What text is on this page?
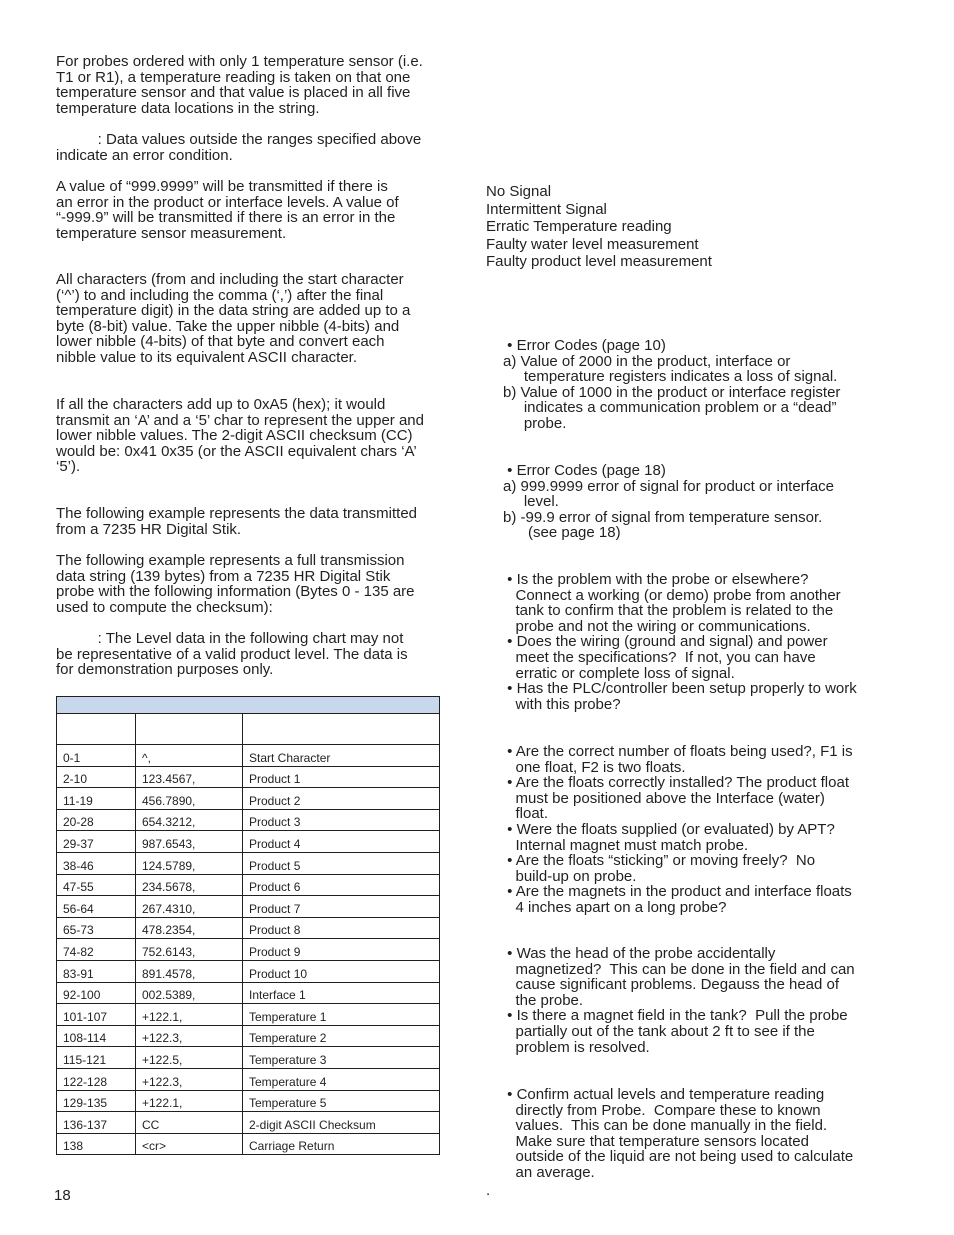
For probes ordered with only 1 temperature sensor (i.e.
T1 or R1), a temperature reading is taken on that one
temperature sensor and that value is placed in all five
temperature data locations in the string.
: Data values outside the ranges specified above
indicate an error condition.
A value of “999.9999” will be transmitted if there is
an error in the product or interface levels. A value of
“-999.9” will be transmitted if there is an error in the
temperature sensor measurement.
All characters (from and including the start character
(‘^’) to and including the comma (‘,’) after the final
temperature digit) in the data string are added up to a
byte (8-bit) value. Take the upper nibble (4-bits) and
lower nibble (4-bits) of that byte and convert each
nibble value to its equivalent ASCII character.
If all the characters add up to 0xA5 (hex); it would
transmit an ‘A’ and a ‘5’ char to represent the upper and
lower nibble values. The 2-digit ASCII checksum (CC)
would be: 0x41 0x35 (or the ASCII equivalent chars ‘A’
‘5’).
The following example represents the data transmitted
from a 7235 HR Digital Stik.
The following example represents a full transmission
data string (139 bytes) from a 7235 HR Digital Stik
probe with the following information (Bytes 0 - 135 are
used to compute the checksum):
: The Level data in the following chart may not
be representative of a valid product level. The data is
for demonstration purposes only.

0-1	^,	Start Character
2-10	123.4567,	Product 1
11-19	456.7890,	Product 2
20-28	654.3212,	Product 3
29-37	987.6543,	Product 4
38-46	124.5789,	Product 5
47-55	234.5678,	Product 6
56-64	267.4310,	Product 7
65-73	478.2354,	Product 8
74-82	752.6143,	Product 9
83-91	891.4578,	Product 10
92-100	002.5389,	Interface 1
101-107	+122.1,	Temperature 1
108-114	+122.3,	Temperature 2
115-121	+122.5,	Temperature 3
122-128	+122.3,	Temperature 4
129-135	+122.1,	Temperature 5
136-137	CC	2-digit ASCII Checksum
138	<cr>	Carriage Return
No Signal
Intermittent Signal
Erratic Temperature reading
Faulty water level measurement
Faulty product level measurement
• Error Codes (page 10)
a) Value of 2000 in the product, interface or
temperature registers indicates a loss of signal.
b) Value of 1000 in the product or interface register
indicates a communication problem or a “dead”
probe.
• Error Codes (page 18)
a) 999.9999 error of signal for product or interface
level.
b) -99.9 error of signal from temperature sensor.
(see page 18)
• Is the problem with the probe or elsewhere?
Connect a working (or demo) probe from another
tank to confirm that the problem is related to the
probe and not the wiring or communications.
• Does the wiring (ground and signal) and power
meet the specifications?  If not, you can have
erratic or complete loss of signal.
• Has the PLC/controller been setup properly to work
with this probe?
• Are the correct number of floats being used?, F1 is
one float, F2 is two floats.
• Are the floats correctly installed? The product float
must be positioned above the Interface (water)
float.
• Were the floats supplied (or evaluated) by APT?
Internal magnet must match probe.
• Are the floats “sticking” or moving freely?  No
build-up on probe.
• Are the magnets in the product and interface floats
4 inches apart on a long probe?
• Was the head of the probe accidentally
magnetized?  This can be done in the field and can
cause significant problems. Degauss the head of
the probe.
• Is there a magnet field in the tank?  Pull the probe
partially out of the tank about 2 ft to see if the
problem is resolved.
• Confirm actual levels and temperature reading
directly from Probe.  Compare these to known
values.  This can be done manually in the field.
Make sure that temperature sensors located
outside of the liquid are not being used to calculate
an average.
18	.
